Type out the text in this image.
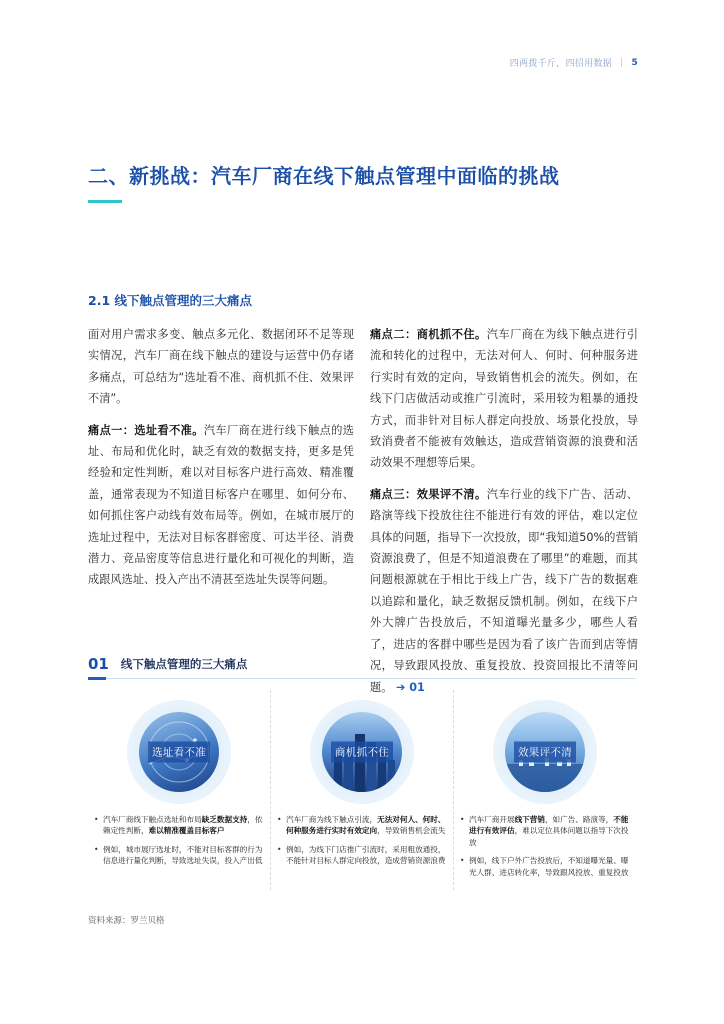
四两拨千斤，四招用数据 | 5
二、新挑战：汽车厂商在线下触点管理中面临的挑战
2.1 线下触点管理的三大痛点

面对用户需求多变、触点多元化、数据闭环不足等现实情况，汽车厂商在线下触点的建设与运营中仍存诸多痛点，可总结为“选址看不准、商机抓不住、效果评不清”。

痛点一：选址看不准。汽车厂商在进行线下触点的选址、布局和优化时，缺乏有效的数据支持，更多是凭经验和定性判断，难以对目标客户进行高效、精准覆盖，通常表现为不知道目标客户在哪里、如何分布、如何抓住客户动线有效布局等。例如，在城市展厅的选址过程中，无法对目标客群密度、可达半径、消费潜力、竞品密度等信息进行量化和可视化的判断，造成跟风选址、投入产出不清甚至选址失误等问题。

痛点二：商机抓不住。汽车厂商在为线下触点进行引流和转化的过程中，无法对何人、何时、何种服务进行实时有效的定向，导致销售机会的流失。例如，在线下门店做活动或推广引流时，采用较为粗暴的通投方式，而非针对目标人群定向投放、场景化投放，导致消费者不能被有效触达，造成营销资源的浪费和活动效果不理想等后果。

痛点三：效果评不清。汽车行业的线下广告、活动、路演等线下投放往往不能进行有效的评估，难以定位具体的问题，指导下一次投放，即“我知道50%的营销资源浪费了，但是不知道浪费在了哪里”的难题，而其问题根源就在于相比于线上广告，线下广告的数据难以追踪和量化，缺乏数据反馈机制。例如，在线下户外大牌广告投放后，不知道曝光量多少，哪些人看了，进店的客群中哪些是因为看了该广告而到店等情况，导致跟风投放、重复投放、投资回报比不清等问题。 ➔ 01

01 线下触点管理的三大痛点
选址看不准
• 汽车厂商线下触点选址和布局缺乏数据支持，依赖定性判断，难以精准覆盖目标客户
• 例如，城市展厅选址时，不能对目标客群的行为信息进行量化判断，导致选址失误，投入产出低
商机抓不住
• 汽车厂商为线下触点引流，无法对何人、何时、何种服务进行实时有效定向，导致销售机会流失
• 例如，为线下门店推广引流时，采用粗放通投，不能针对目标人群定向投放，造成营销资源浪费
效果评不清
• 汽车厂商开展线下营销，如广告、路演等，不能进行有效评估，难以定位具体问题以指导下次投放
• 例如，线下户外广告投放后，不知道曝光量、曝光人群、进店转化率，导致跟风投放、重复投放
资料来源：罗兰贝格
